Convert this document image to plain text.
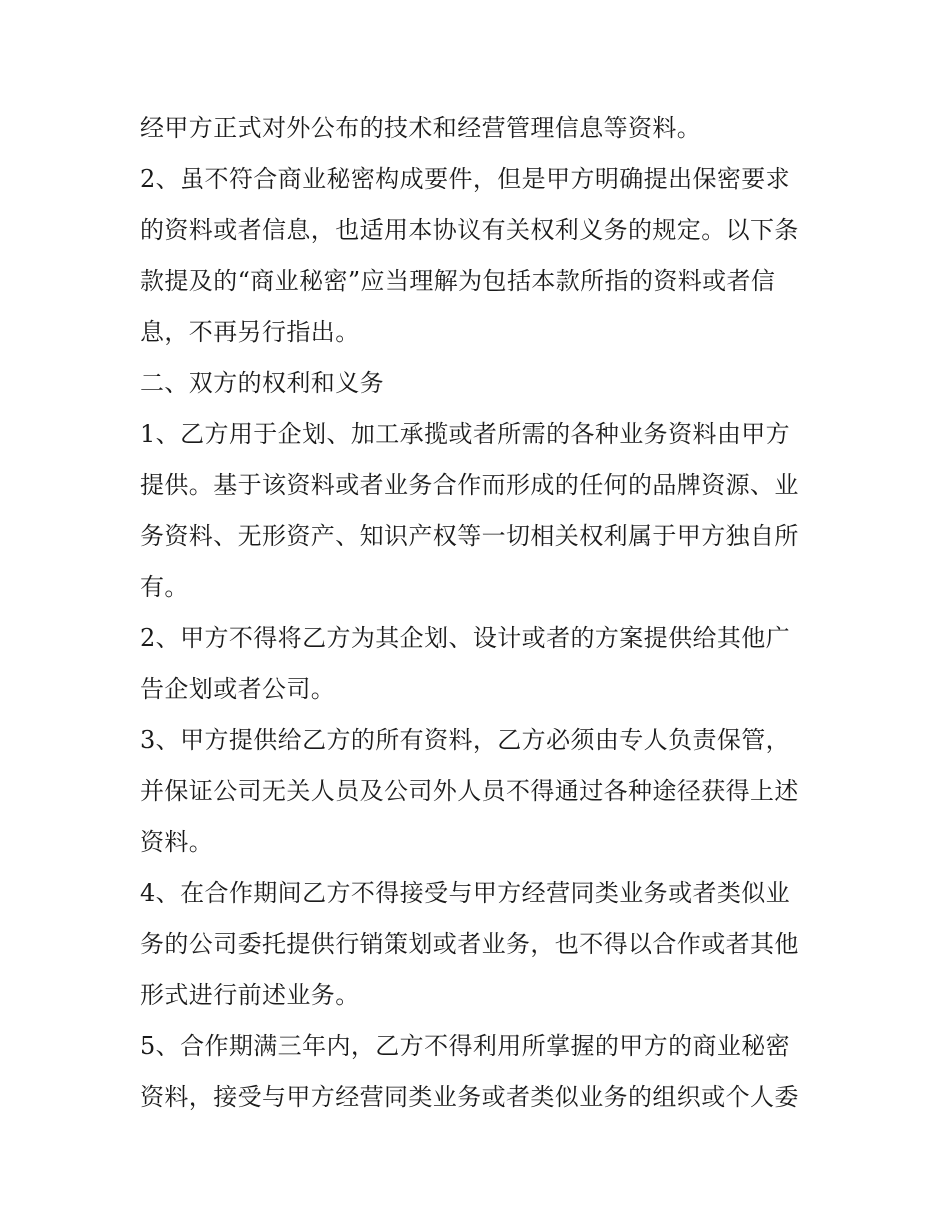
经甲方正式对外公布的技术和经营管理信息等资料。
2、虽不符合商业秘密构成要件，但是甲方明确提出保密要求
的资料或者信息，也适用本协议有关权利义务的规定。以下条
款提及的“商业秘密”应当理解为包括本款所指的资料或者信
息，不再另行指出。
二、双方的权利和义务
1、乙方用于企划、加工承揽或者所需的各种业务资料由甲方
提供。基于该资料或者业务合作而形成的任何的品牌资源、业
务资料、无形资产、知识产权等一切相关权利属于甲方独自所
有。
2、甲方不得将乙方为其企划、设计或者的方案提供给其他广
告企划或者公司。
3、甲方提供给乙方的所有资料，乙方必须由专人负责保管，
并保证公司无关人员及公司外人员不得通过各种途径获得上述
资料。
4、在合作期间乙方不得接受与甲方经营同类业务或者类似业
务的公司委托提供行销策划或者业务，也不得以合作或者其他
形式进行前述业务。
5、合作期满三年内，乙方不得利用所掌握的甲方的商业秘密
资料，接受与甲方经营同类业务或者类似业务的组织或个人委
